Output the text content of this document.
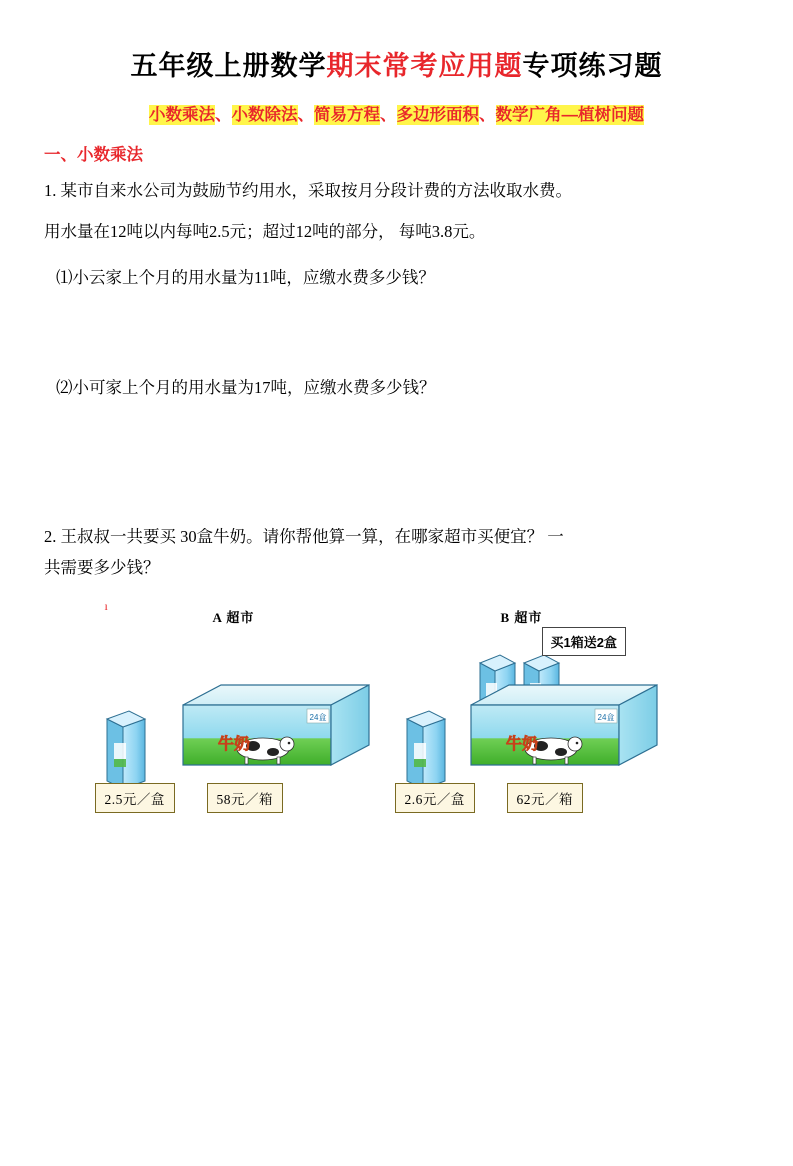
五年级上册数学期末常考应用题专项练习题
小数乘法、小数除法、简易方程、多边形面积、数学广角—植树问题
一、小数乘法
1. 某市自来水公司为鼓励节约用水，采取按月分段计费的方法收取水费。
用水量在12吨以内每吨2.5元；超过12吨的部分， 每吨3.8元。
⑴小云家上个月的用水量为11吨，应缴水费多少钱？
⑵小可家上个月的用水量为17吨，应缴水费多少钱？
2. 王叔叔一共要买 30盒牛奶。请你帮他算一算，在哪家超市买便宜？ 一
共需要多少钱？
24盒
牛奶
24盒
牛奶
ı
A 超市	B 超市
买1箱送2盒
2.5元／盒	58元／箱	2.6元／盒	62元／箱
